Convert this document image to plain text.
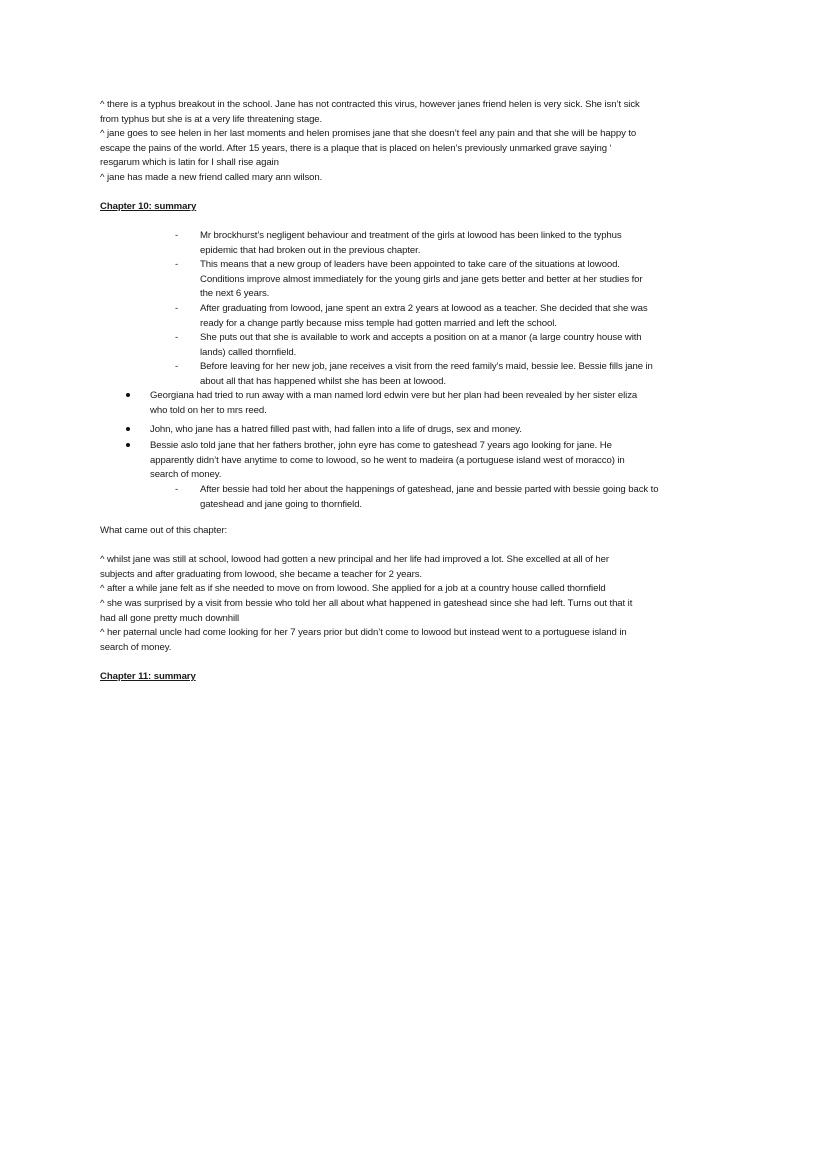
^ there is a typhus breakout in the school. Jane has not contracted this virus, however janes friend helen is very sick. She isn’t sick
from typhus but she is at a very life threatening stage.
^ jane goes to see helen in her last moments and helen promises jane that she doesn’t feel any pain and that she will be happy to
escape the pains of the world. After 15 years, there is a plaque that is placed on helen’s previously unmarked grave saying ‘
resgarum which is latin for I shall rise again
^ jane has made a new friend called mary ann wilson.
Chapter 10: summary
-	Mr brockhurst’s negligent behaviour and treatment of the girls at lowood has been linked to the typhus
epidemic that had broken out in the previous chapter.
-	This means that a new group of leaders have been appointed to take care of the situations at lowood.
Conditions improve almost immediately for the young girls and jane gets better and better at her studies for
the next 6 years.
-	After graduating from lowood, jane spent an extra 2 years at lowood as a teacher. She decided that she was
ready for a change partly because miss temple had gotten married and left the school.
-	She puts out that she is available to work and accepts a position on at a manor (a large country house with
lands) called thornfield.
-	Before leaving for her new job, jane receives a visit from the reed family’s maid, bessie lee. Bessie fills jane in
about all that has happened whilst she has been at lowood.
Georgiana had tried to run away with a man named lord edwin vere but her plan had been revealed by her sister eliza
who told on her to mrs reed.
John, who jane has a hatred filled past with, had fallen into a life of drugs, sex and money.
Bessie aslo told jane that her fathers brother, john eyre has come to gateshead 7 years ago looking for jane. He
apparently didn’t have anytime to come to lowood, so he went to madeira (a portuguese island west of moracco) in
search of money.
-	After bessie had told her about the happenings of gateshead, jane and bessie parted with bessie going back to
gateshead and jane going to thornfield.
What came out of this chapter:
^ whilst jane was still at school, lowood had gotten a new principal and her life had improved a lot. She excelled at all of her
subjects and after graduating from lowood, she became a teacher for 2 years.
^ after a while jane felt as if she needed to move on from lowood. She applied for a job at a country house called thornfield
^ she was surprised by a visit from bessie who told her all about what happened in gateshead since she had left. Turns out that it
had all gone pretty much downhill
^ her paternal uncle had come looking for her 7 years prior but didn’t come to lowood but instead went to a portuguese island in
search of money.
Chapter 11: summary
